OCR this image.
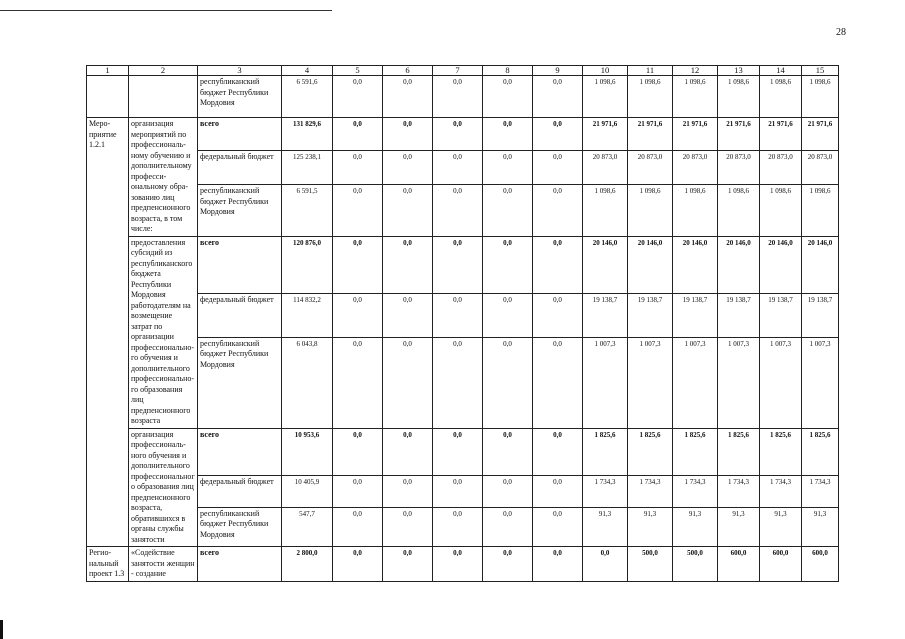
28
1	2	3	4	5	6	7	8	9	10	11	12	13	14	15
		республиканский бюджет Республики Мордовия	6 591,6	0,0	0,0	0,0	0,0	0,0	1 098,6	1 098,6	1 098,6	1 098,6	1 098,6	1 098,6
Меро-приятие 1.2.1	организация мероприятий по профессиональ-ному обучению и дополнительному професси-ональному обра-зованию лиц предпенсионного возраста, в том числе:	всего	131 829,6	0,0	0,0	0,0	0,0	0,0	21 971,6	21 971,6	21 971,6	21 971,6	21 971,6	21 971,6
		федеральный бюджет	125 238,1	0,0	0,0	0,0	0,0	0,0	20 873,0	20 873,0	20 873,0	20 873,0	20 873,0	20 873,0
		республиканский бюджет Республики Мордовия	6 591,5	0,0	0,0	0,0	0,0	0,0	1 098,6	1 098,6	1 098,6	1 098,6	1 098,6	1 098,6
	предоставления субсидий из республиканского бюджета Республики Мордовия работодателям на возмещение затрат по организации профессионально-го обучения и дополнительного профессионально-го образования лиц предпенсионного возраста	всего	120 876,0	0,0	0,0	0,0	0,0	0,0	20 146,0	20 146,0	20 146,0	20 146,0	20 146,0	20 146,0
		федеральный бюджет	114 832,2	0,0	0,0	0,0	0,0	0,0	19 138,7	19 138,7	19 138,7	19 138,7	19 138,7	19 138,7
		республиканский бюджет Республики Мордовия	6 043,8	0,0	0,0	0,0	0,0	0,0	1 007,3	1 007,3	1 007,3	1 007,3	1 007,3	1 007,3
	организация профессиональ-ного обучения и дополнительного профессиональног о образования лиц предпенсионного возраста, обратившихся в органы службы занятости	всего	10 953,6	0,0	0,0	0,0	0,0	0,0	1 825,6	1 825,6	1 825,6	1 825,6	1 825,6	1 825,6
		федеральный бюджет	10 405,9	0,0	0,0	0,0	0,0	0,0	1 734,3	1 734,3	1 734,3	1 734,3	1 734,3	1 734,3
		республиканский бюджет Республики Мордовия	547,7	0,0	0,0	0,0	0,0	0,0	91,3	91,3	91,3	91,3	91,3	91,3
Регио-нальный проект 1.3	«Содействие занятости женщин - создание	всего	2 800,0	0,0	0,0	0,0	0,0	0,0	0,0	500,0	500,0	600,0	600,0	600,0
